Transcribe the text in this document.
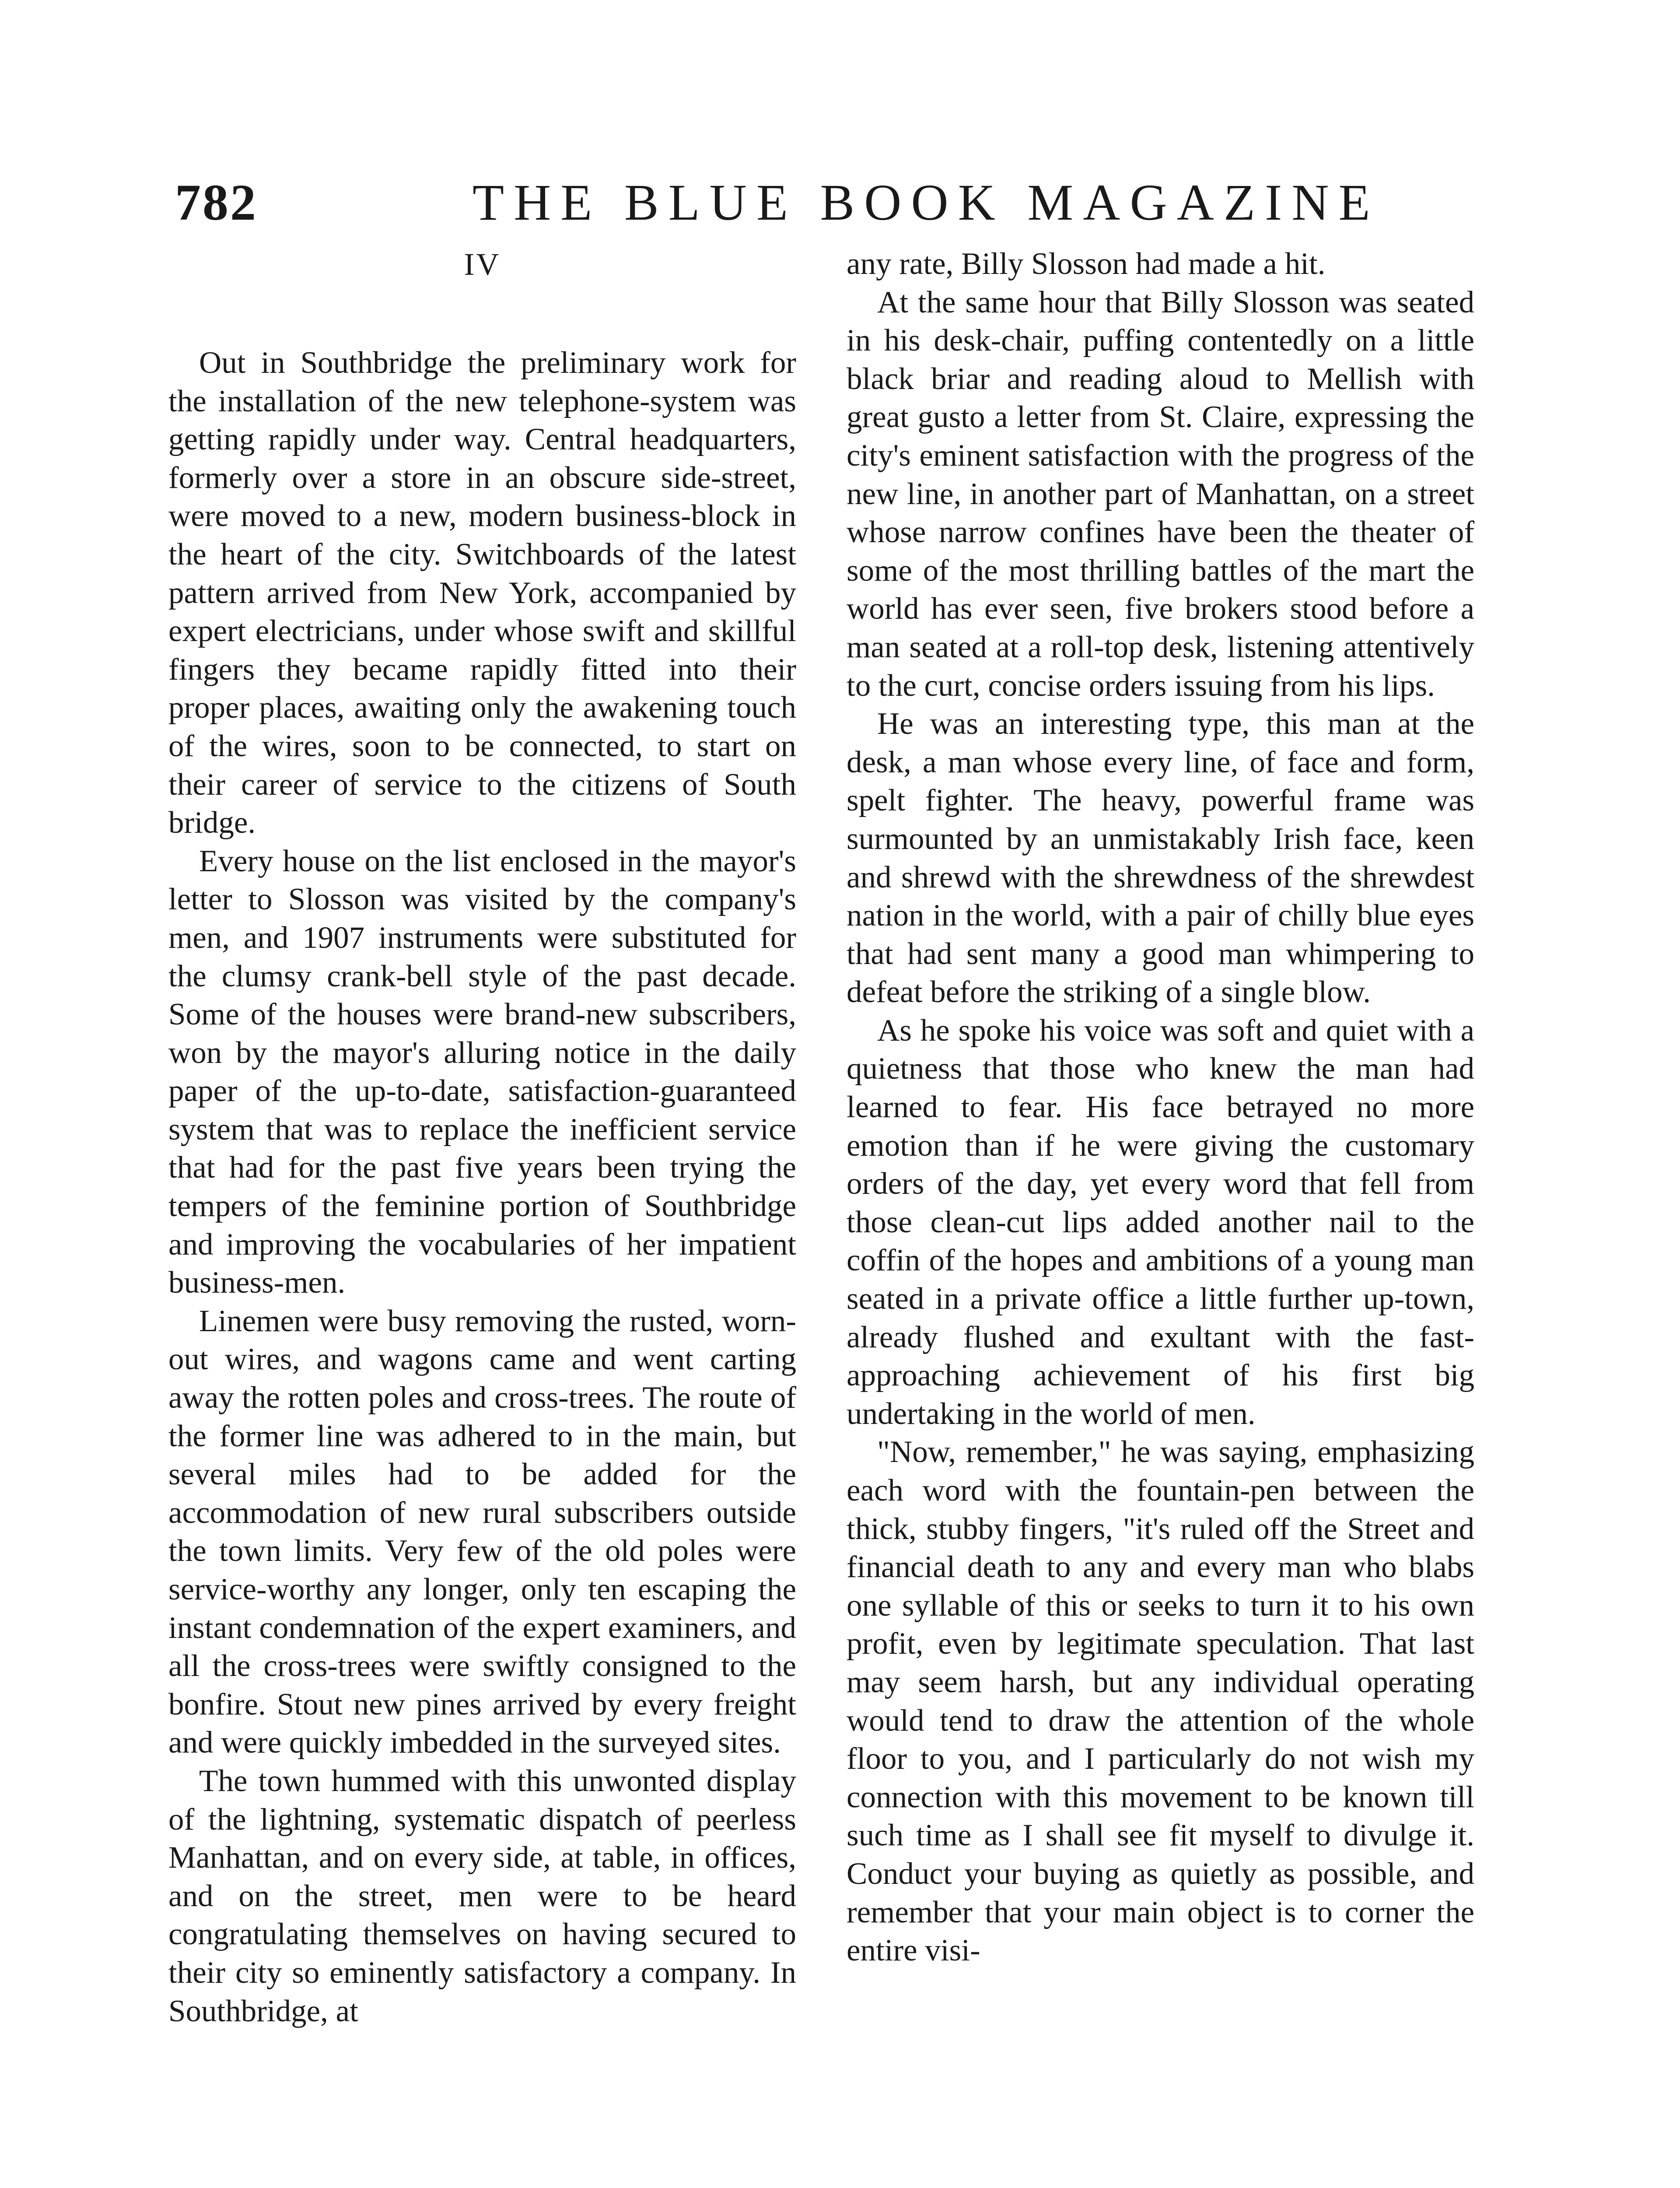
782	THE BLUE BOOK MAGAZINE
IV

Out in Southbridge the preliminary work for the installation of the new telephone-system was getting rapidly under way. Central headquarters, formerly over a store in an obscure side-street, were moved to a new, modern business-block in the heart of the city. Switchboards of the latest pattern arrived from New York, accompanied by expert electricians, under whose swift and skillful fingers they became rapidly fitted into their proper places, awaiting only the awakening touch of the wires, soon to be connected, to start on their career of service to the citizens of South bridge.

Every house on the list enclosed in the mayor's letter to Slosson was visited by the company's men, and 1907 instruments were substituted for the clumsy crank-bell style of the past decade. Some of the houses were brand-new subscribers, won by the mayor's alluring notice in the daily paper of the up-to-date, satisfaction-guaranteed system that was to replace the inefficient service that had for the past five years been trying the tempers of the feminine portion of Southbridge and improving the vocabularies of her impatient business-men.

Linemen were busy removing the rusted, worn-out wires, and wagons came and went carting away the rotten poles and cross-trees. The route of the former line was adhered to in the main, but several miles had to be added for the accommodation of new rural subscribers outside the town limits. Very few of the old poles were service-worthy any longer, only ten escaping the instant condemnation of the expert examiners, and all the cross-trees were swiftly consigned to the bonfire. Stout new pines arrived by every freight and were quickly imbedded in the surveyed sites.

The town hummed with this unwonted display of the lightning, systematic dispatch of peerless Manhattan, and on every side, at table, in offices, and on the street, men were to be heard congratulating themselves on having secured to their city so eminently satisfactory a company. In Southbridge, at

any rate, Billy Slosson had made a hit.

At the same hour that Billy Slosson was seated in his desk-chair, puffing contentedly on a little black briar and reading aloud to Mellish with great gusto a letter from St. Claire, expressing the city's eminent satisfaction with the progress of the new line, in another part of Manhattan, on a street whose narrow confines have been the theater of some of the most thrilling battles of the mart the world has ever seen, five brokers stood before a man seated at a roll-top desk, listening attentively to the curt, concise orders issuing from his lips.

He was an interesting type, this man at the desk, a man whose every line, of face and form, spelt fighter. The heavy, powerful frame was surmounted by an unmistakably Irish face, keen and shrewd with the shrewdness of the shrewdest nation in the world, with a pair of chilly blue eyes that had sent many a good man whimpering to defeat before the striking of a single blow.

As he spoke his voice was soft and quiet with a quietness that those who knew the man had learned to fear. His face betrayed no more emotion than if he were giving the customary orders of the day, yet every word that fell from those clean-cut lips added another nail to the coffin of the hopes and ambitions of a young man seated in a private office a little further up-town, already flushed and exultant with the fast-approaching achievement of his first big undertaking in the world of men.

"Now, remember," he was saying, emphasizing each word with the fountain-pen between the thick, stubby fingers, "it's ruled off the Street and financial death to any and every man who blabs one syllable of this or seeks to turn it to his own profit, even by legitimate speculation. That last may seem harsh, but any individual operating would tend to draw the attention of the whole floor to you, and I particularly do not wish my connection with this movement to be known till such time as I shall see fit myself to divulge it. Conduct your buying as quietly as possible, and remember that your main object is to corner the entire visi-
